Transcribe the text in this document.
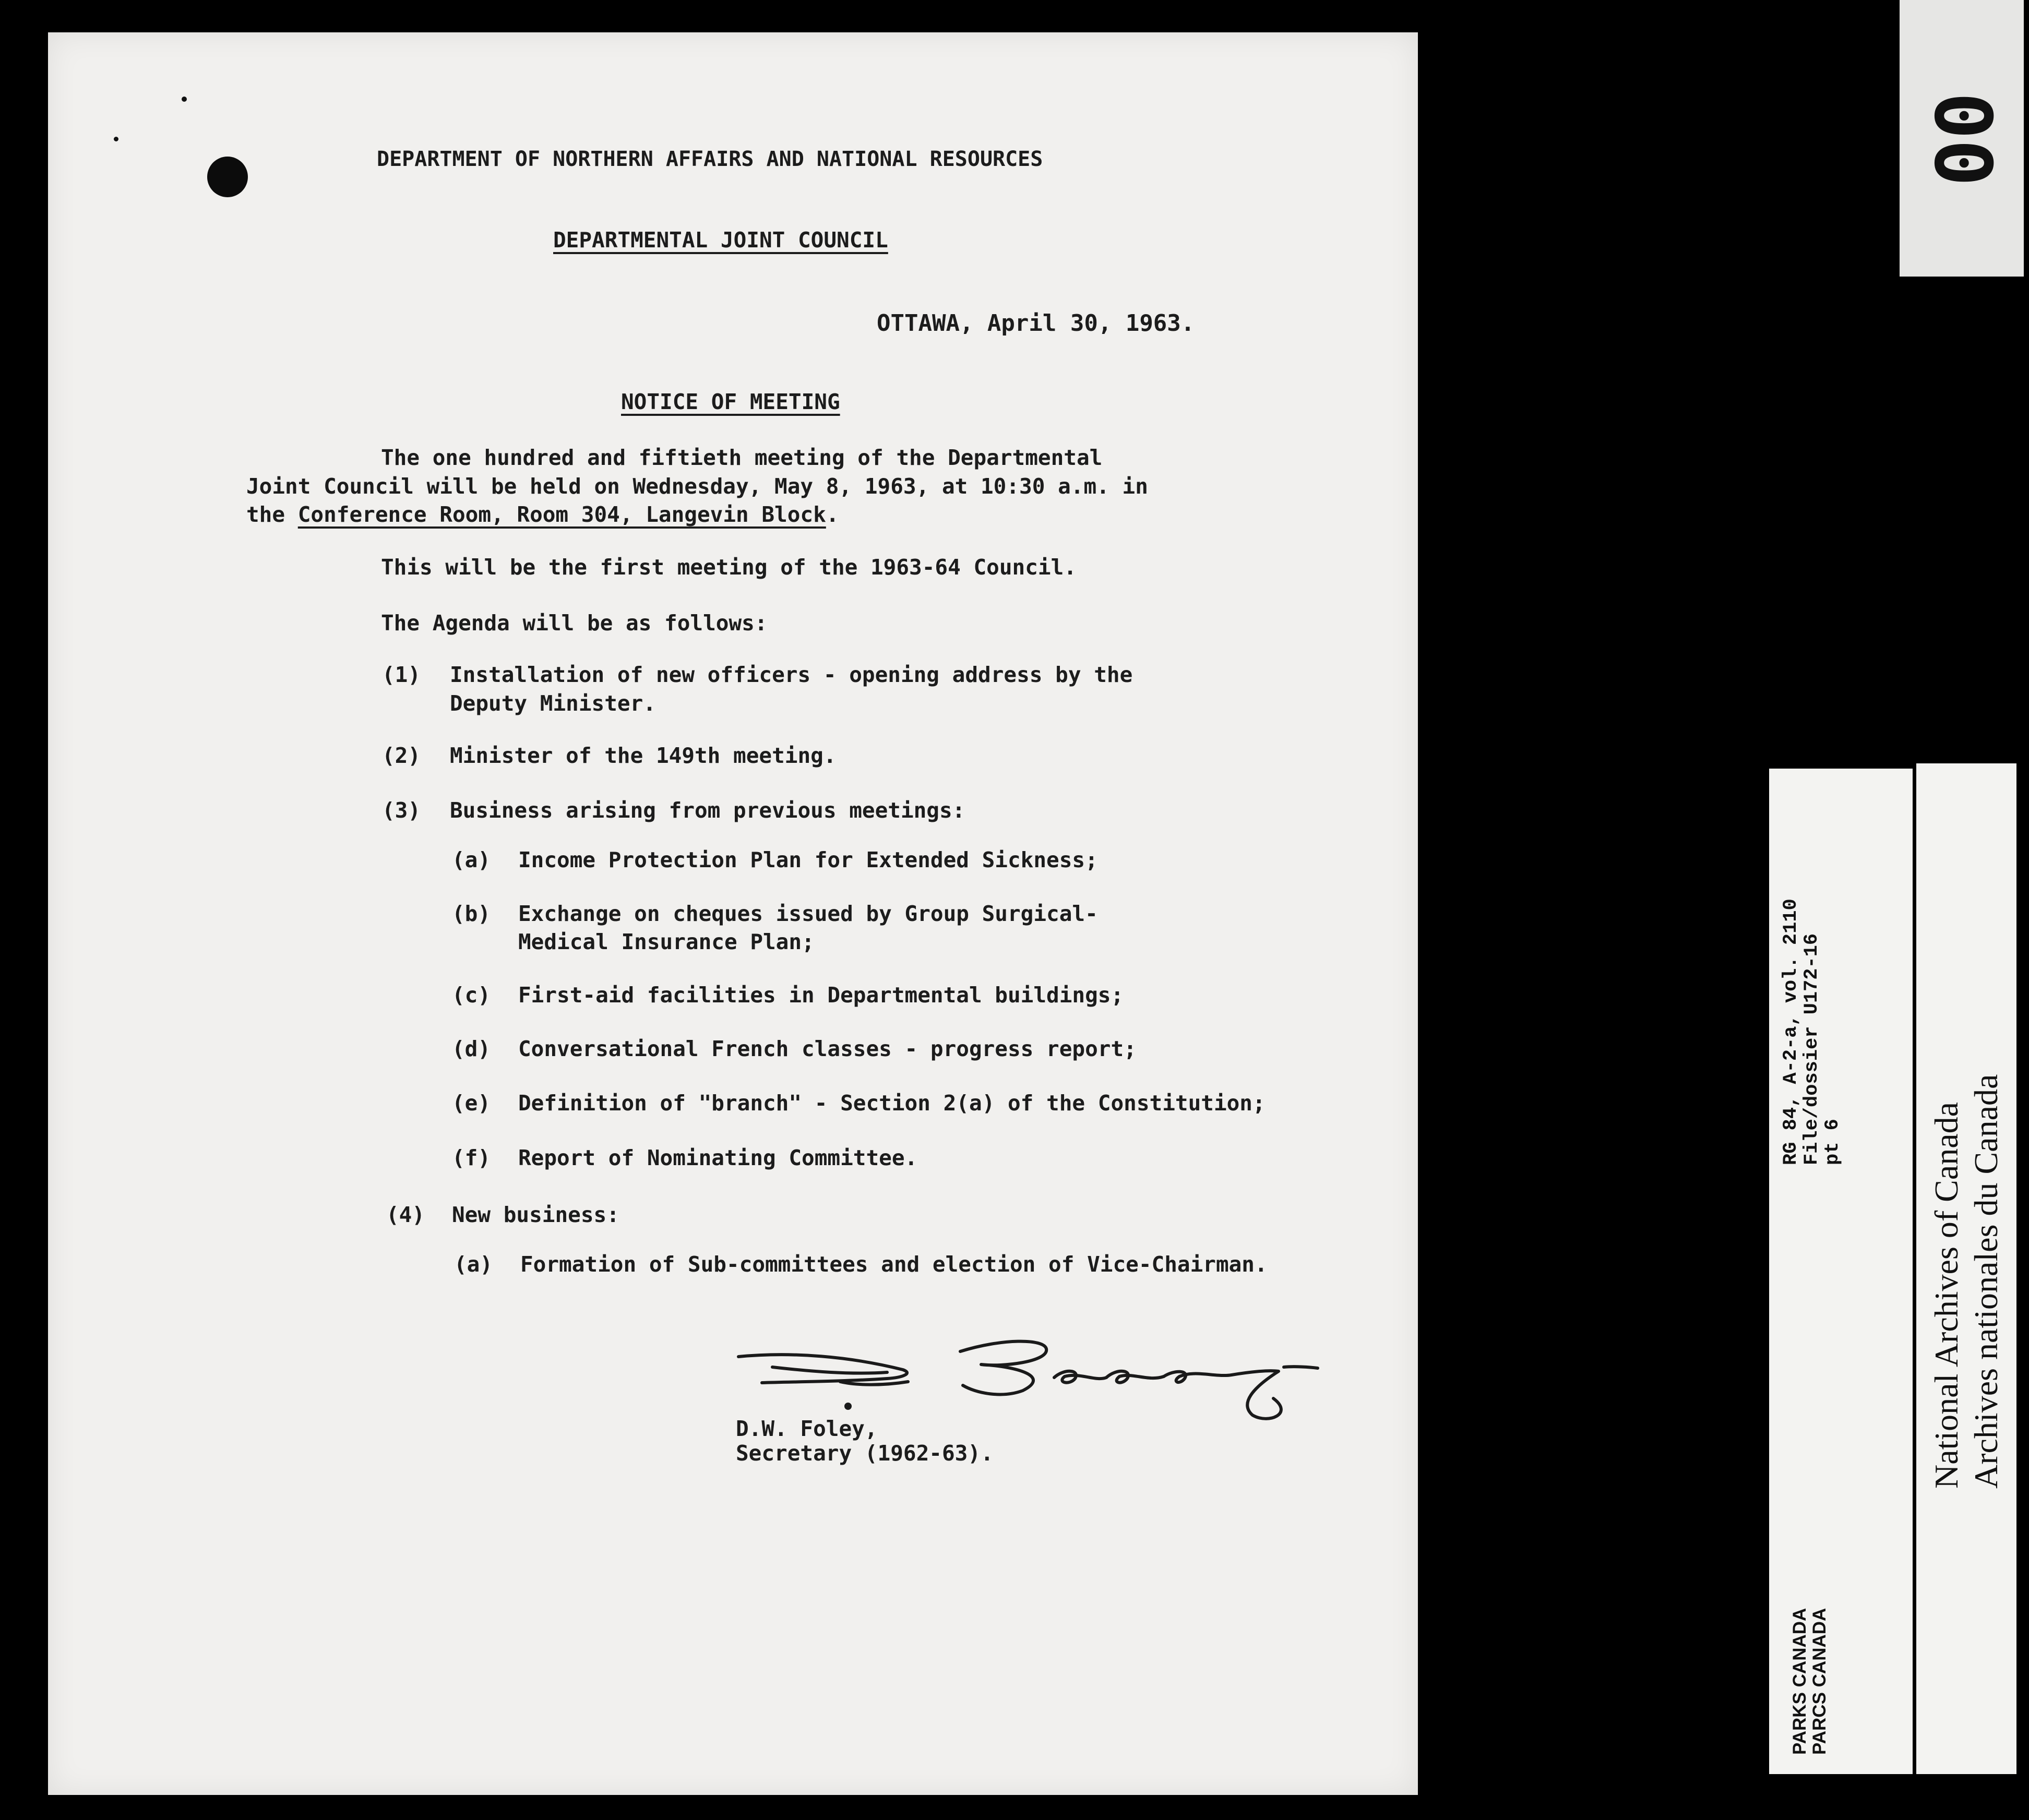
DEPARTMENT OF NORTHERN AFFAIRS AND NATIONAL RESOURCES
DEPARTMENTAL JOINT COUNCIL
OTTAWA, April 30, 1963.
NOTICE OF MEETING
The one hundred and fiftieth meeting of the Departmental
Joint Council will be held on Wednesday, May 8, 1963, at 10:30 a.m. in
the Conference Room, Room 304, Langevin Block.
This will be the first meeting of the 1963-64 Council.
The Agenda will be as follows:
(1) Installation of new officers - opening address by the
Deputy Minister.
(2) Minister of the 149th meeting.
(3) Business arising from previous meetings:
(a) Income Protection Plan for Extended Sickness;
(b) Exchange on cheques issued by Group Surgical-
Medical Insurance Plan;
(c) First-aid facilities in Departmental buildings;
(d) Conversational French classes - progress report;
(e) Definition of "branch" - Section 2(a) of the Constitution;
(f) Report of Nominating Committee.
(4) New business:
(a) Formation of Sub-committees and election of Vice-Chairman.
D.W. Foley,
Secretary (1962-63).
00
RG 84, A-2-a, vol. 2110
File/dossier U172-16
pt 6
PARKS CANADA PARCS CANADA
National Archives of Canada Archives nationales du Canada
